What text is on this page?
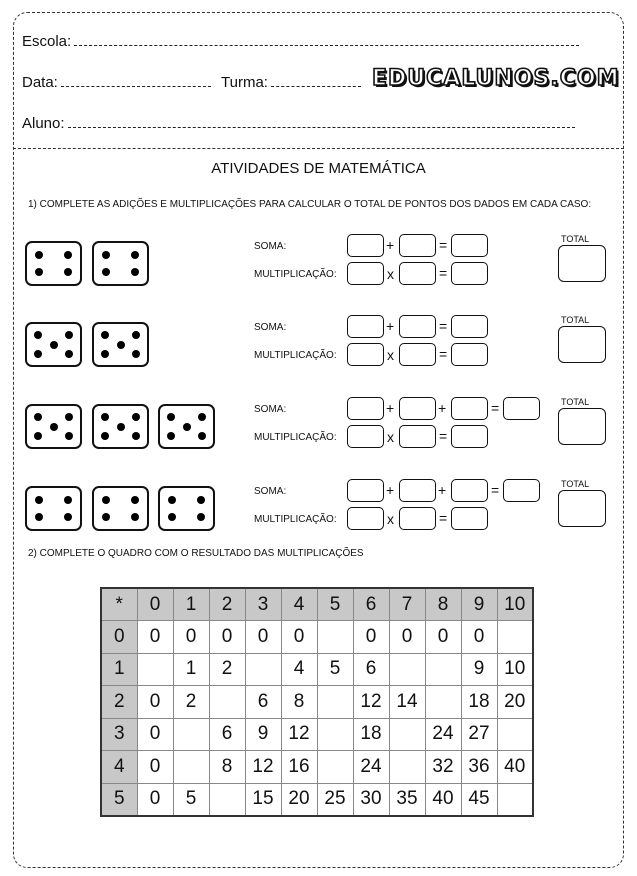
Escola:
Data:	Turma:	EDUCALUNOS.COM
Aluno:
ATIVIDADES DE MATEMÁTICA
1) COMPLETE AS ADIÇÕES E MULTIPLICAÇÕES PARA CALCULAR O TOTAL DE PONTOS DOS DADOS EM CADA CASO:
SOMA:
MULTIPLICAÇÃO:
+	=
x	=
TOTAL
SOMA:
MULTIPLICAÇÃO:
+	=
x	=
TOTAL
SOMA:
MULTIPLICAÇÃO:
+	+	=
x	=
TOTAL
SOMA:
MULTIPLICAÇÃO:
+	+	=
x	=
TOTAL
2) COMPLETE O QUADRO COM O RESULTADO DAS MULTIPLICAÇÕES
*	0	1	2	3	4	5	6	7	8	9	10
0	0	0	0	0	0		0	0	0	0	
1		1	2		4	5	6			9	10
2	0	2		6	8		12	14		18	20
3	0		6	9	12		18		24	27	
4	0		8	12	16		24		32	36	40
5	0	5		15	20	25	30	35	40	45	
